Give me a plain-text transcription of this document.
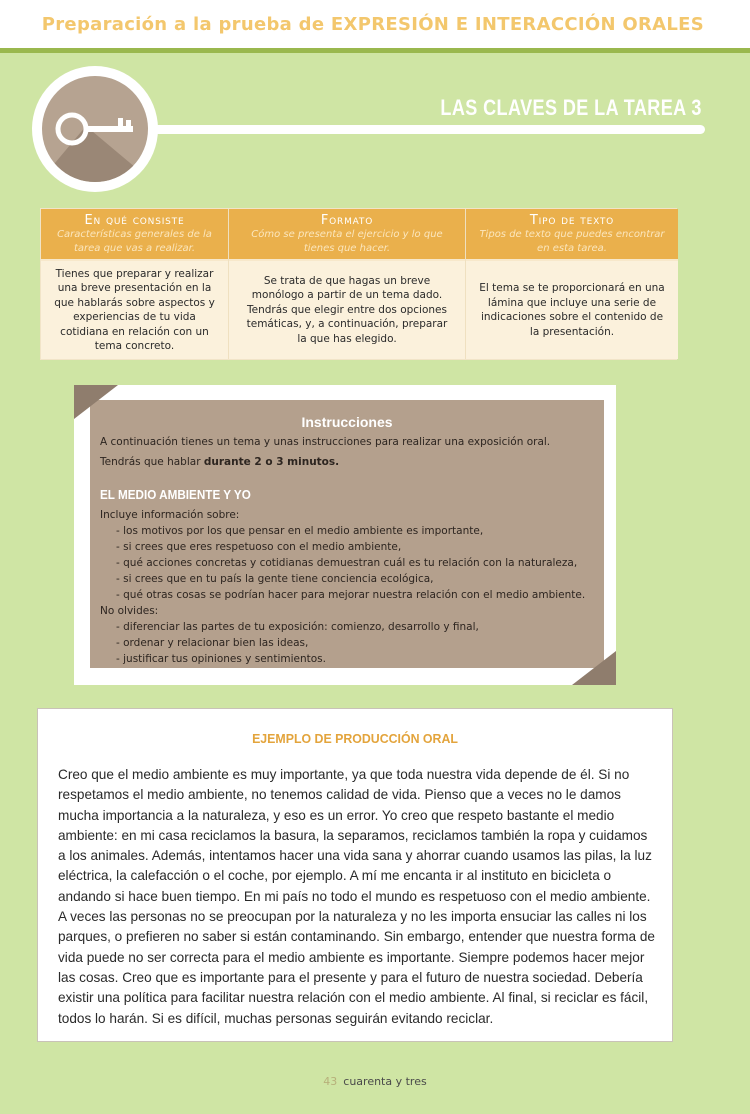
Preparación a la prueba de EXPRESIÓN E INTERACCIÓN ORALES
LAS CLAVES DE LA TAREA 3
En qué consiste
Características generales de la tarea que vas a realizar.
Tienes que preparar y realizar una breve presentación en la que hablarás sobre aspectos y experiencias de tu vida cotidiana en relación con un tema concreto.
Formato
Cómo se presenta el ejercicio y lo que tienes que hacer.
Se trata de que hagas un breve monólogo a partir de un tema dado. Tendrás que elegir entre dos opciones temáticas, y, a continuación, preparar la que has elegido.
Tipo de texto
Tipos de texto que puedes encontrar en esta tarea.
El tema se te proporcionará en una lámina que incluye una serie de indicaciones sobre el contenido de la presentación.
Instrucciones
A continuación tienes un tema y unas instrucciones para realizar una exposición oral.
Tendrás que hablar durante 2 o 3 minutos.
EL MEDIO AMBIENTE Y YO
Incluye información sobre:
- los motivos por los que pensar en el medio ambiente es importante,
- si crees que eres respetuoso con el medio ambiente,
- qué acciones concretas y cotidianas demuestran cuál es tu relación con la naturaleza,
- si crees que en tu país la gente tiene conciencia ecológica,
- qué otras cosas se podrían hacer para mejorar nuestra relación con el medio ambiente.
No olvides:
- diferenciar las partes de tu exposición: comienzo, desarrollo y final,
- ordenar y relacionar bien las ideas,
- justificar tus opiniones y sentimientos.
EJEMPLO DE PRODUCCIÓN ORAL
Creo que el medio ambiente es muy importante, ya que toda nuestra vida depende de él. Si no respetamos el medio ambiente, no tenemos calidad de vida. Pienso que a veces no le damos mucha importancia a la naturaleza, y eso es un error. Yo creo que respeto bastante el medio ambiente: en mi casa reciclamos la basura, la separamos, reciclamos también la ropa y cuidamos a los animales. Además, intentamos hacer una vida sana y ahorrar cuando usamos las pilas, la luz eléctrica, la calefacción o el coche, por ejemplo. A mí me encanta ir al instituto en bicicleta o andando si hace buen tiempo. En mi país no todo el mundo es respetuoso con el medio ambiente. A veces las personas no se preocupan por la naturaleza y no les importa ensuciar las calles ni los parques, o prefieren no saber si están contaminando. Sin embargo, entender que nuestra forma de vida puede no ser correcta para el medio ambiente es importante. Siempre podemos hacer mejor las cosas. Creo que es importante para el presente y para el futuro de nuestra sociedad. Debería existir una política para facilitar nuestra relación con el medio ambiente. Al final, si reciclar es fácil, todos lo harán. Si es difícil, muchas personas seguirán evitando reciclar.
43 cuarenta y tres
